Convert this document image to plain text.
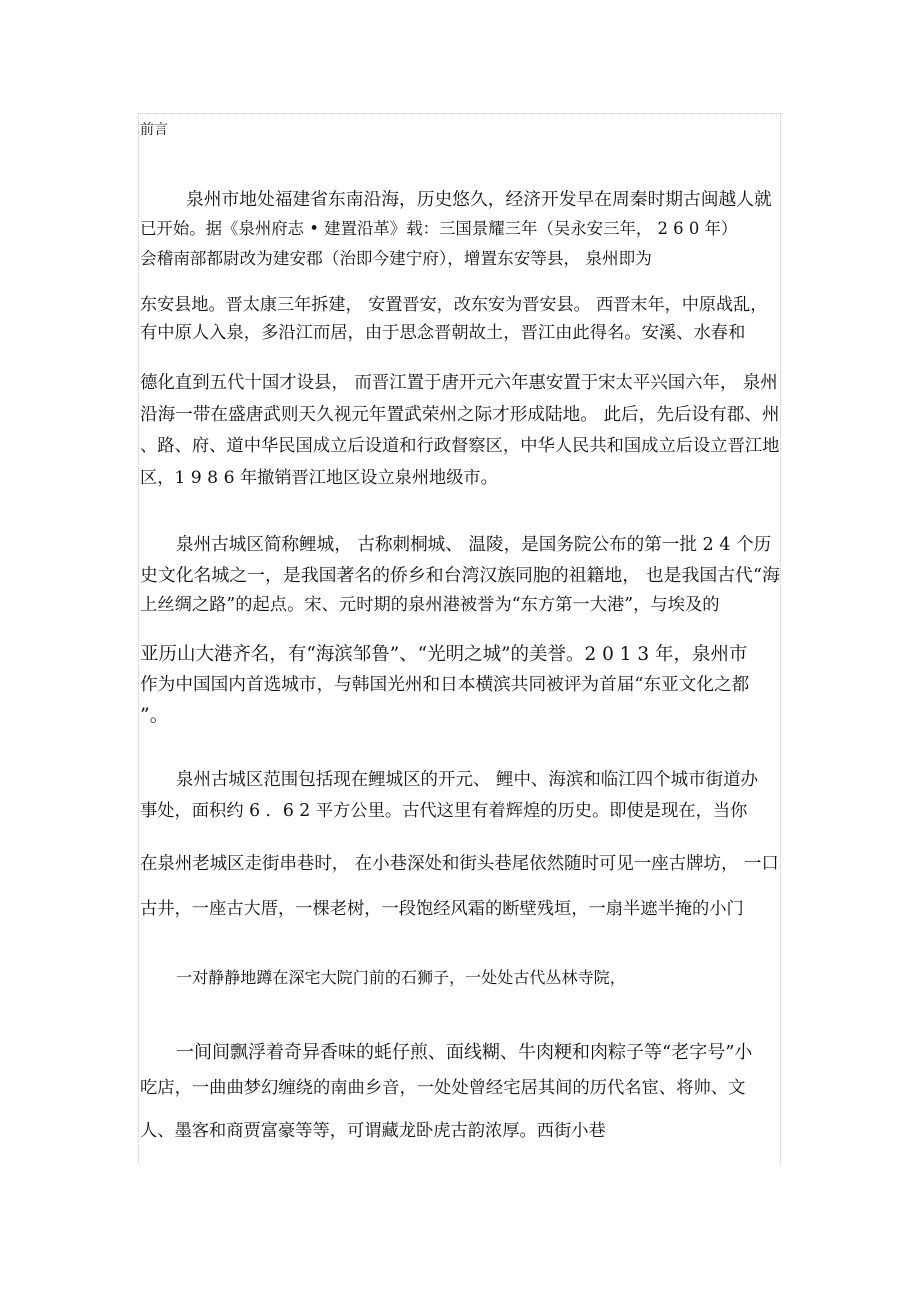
前言
泉州市地处福建省东南沿海，历史悠久，经济开发早在周秦时期古闽越人就
已开始。据《泉州府志 • 建置沿革》载：三国景耀三年（吴永安三年， 2 6 0 年）
会稽南部都尉改为建安郡（治即今建宁府），增置东安等县， 泉州即为
东安县地。晋太康三年拆建， 安置晋安，改东安为晋安县。 西晋末年，中原战乱，
有中原人入泉，多沿江而居，由于思念晋朝故土，晋江由此得名。安溪、水春和
德化直到五代十国才设县， 而晋江置于唐开元六年惠安置于宋太平兴国六年， 泉州
沿海一带在盛唐武则天久视元年置武荣州之际才形成陆地。 此后，先后设有郡、州
、路、府、道中华民国成立后设道和行政督察区，中华人民共和国成立后设立晋江地
区，1 9 8 6 年撤销晋江地区设立泉州地级市。
泉州古城区简称鲤城， 古称刺桐城、 温陵，是国务院公布的第一批 2 4 个历
史文化名城之一，是我国著名的侨乡和台湾汉族同胞的祖籍地， 也是我国古代“海
上丝绸之路”的起点。宋、元时期的泉州港被誉为“东方第一大港”，与埃及的
亚历山大港齐名，有“海滨邹鲁”、“光明之城”的美誉。2 0 1 3 年，泉州市
作为中国国内首选城市，与韩国光州和日本横滨共同被评为首届“东亚文化之都
”。
泉州古城区范围包括现在鲤城区的开元、 鲤中、海滨和临江四个城市街道办
事处，面积约 6 ．6 2 平方公里。古代这里有着辉煌的历史。即使是现在，当你
在泉州老城区走街串巷时， 在小巷深处和街头巷尾依然随时可见一座古牌坊， 一口
古井，一座古大厝，一棵老树，一段饱经风霜的断壁残垣，一扇半遮半掩的小门
一对静静地蹲在深宅大院门前的石狮子，一处处古代丛林寺院，
一间间飘浮着奇异香味的蚝仔煎、面线糊、牛肉粳和肉粽子等“老字号”小
吃店，一曲曲梦幻缠绕的南曲乡音，一处处曾经宅居其间的历代名宦、将帅、文
人、墨客和商贾富豪等等，可谓藏龙卧虎古韵浓厚。西街小巷
